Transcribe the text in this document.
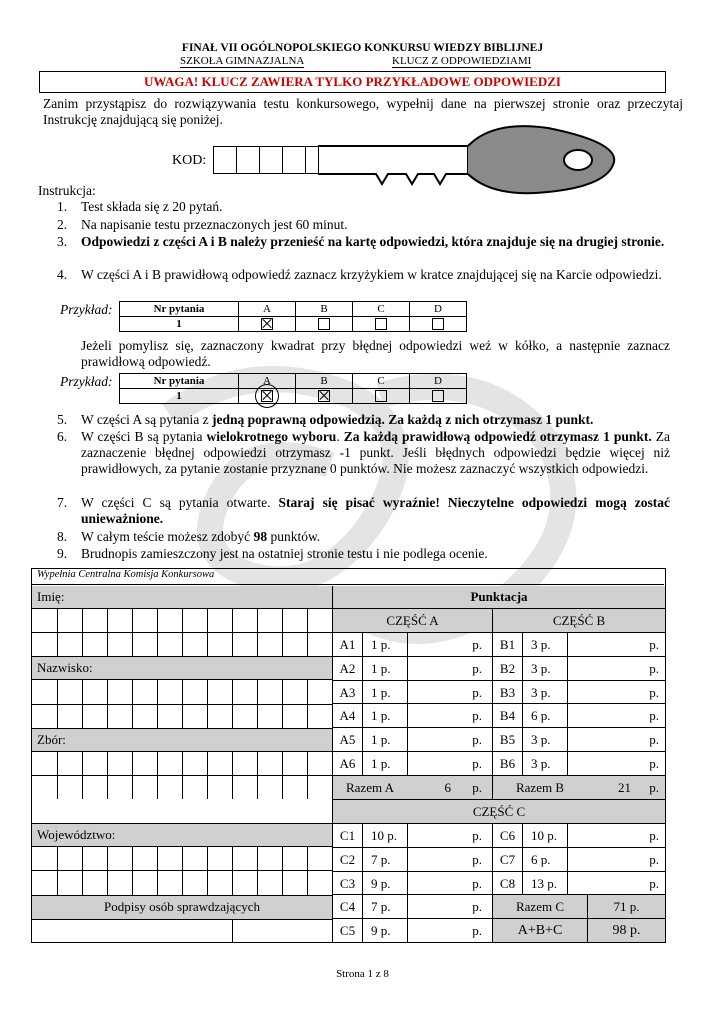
FINAŁ VII OGÓLNOPOLSKIEGO KONKURSU WIEDZY BIBLIJNEJ
SZKOŁA GIMNAZJALNA	KLUCZ Z ODPOWIEDZIAMI
UWAGA! KLUCZ ZAWIERA TYLKO PRZYKŁADOWE ODPOWIEDZI
Zanim przystąpisz do rozwiązywania testu konkursowego, wypełnij dane na pierwszej stronie oraz przeczytaj Instrukcję znajdującą się poniżej.
KOD:
Instrukcja:
1. Test składa się z 20 pytań.
2. Na napisanie testu przeznaczonych jest 60 minut.
3. Odpowiedzi z części A i B należy przenieść na kartę odpowiedzi, która znajduje się na drugiej stronie.
4. W części A i B prawidłową odpowiedź zaznacz krzyżykiem w kratce znajdującej się na Karcie odpowiedzi.
Przykład:	Nr pytania	A	B	C	D
1				
Jeżeli pomylisz się, zaznaczony kwadrat przy błędnej odpowiedzi weź w kółko, a następnie zaznacz prawidłową odpowiedź.
Przykład:	Nr pytania	A	B	C	D
1	

5. W części A są pytania z jedną poprawną odpowiedzią. Za każdą z nich otrzymasz 1 punkt.
6. W części B są pytania wielokrotnego wyboru. Za każdą prawidłową odpowiedź otrzymasz 1 punkt. Za zaznaczenie błędnej odpowiedzi otrzymasz -1 punkt. Jeśli błędnych odpowiedzi będzie więcej niż prawidłowych, za pytanie zostanie przyznane 0 punktów. Nie możesz zaznaczyć wszystkich odpowiedzi.
7. W części C są pytania otwarte. Staraj się pisać wyraźnie! Nieczytelne odpowiedzi mogą zostać unieważnione.
8. W całym teście możesz zdobyć 98 punktów.
9. Brudnopis zamieszczony jest na ostatniej stronie testu i nie podlega ocenie.
Wypełnia Centralna Komisja Konkursowa
Imię:
Nazwisko:
Zbór:
Województwo:
Podpisy osób sprawdzających
Punktacja
CZĘŚĆ A	CZĘŚĆ B
CZĘŚĆ C
A1	1 p.	p.	B1	3 p.	p.
A2	1 p.	p.	B2	3 p.	p.
A3	1 p.	p.	B3	3 p.	p.
A4	1 p.	p.	B4	6 p.	p.
A5	1 p.	p.	B5	3 p.	p.
A6	1 p.	p.	B6	3 p.	p.
Razem A	6	p.	Razem B	21	p.
C1	10 p.	p.	C6	10 p.	p.
C2	7 p.	p.	C7	6 p.	p.
C3	9 p.	p.	C8	13 p.	p.
C4	7 p.	p.	Razem C	71 p.
C5	9 p.	p.	A+B+C	98 p.
Strona 1 z 8
